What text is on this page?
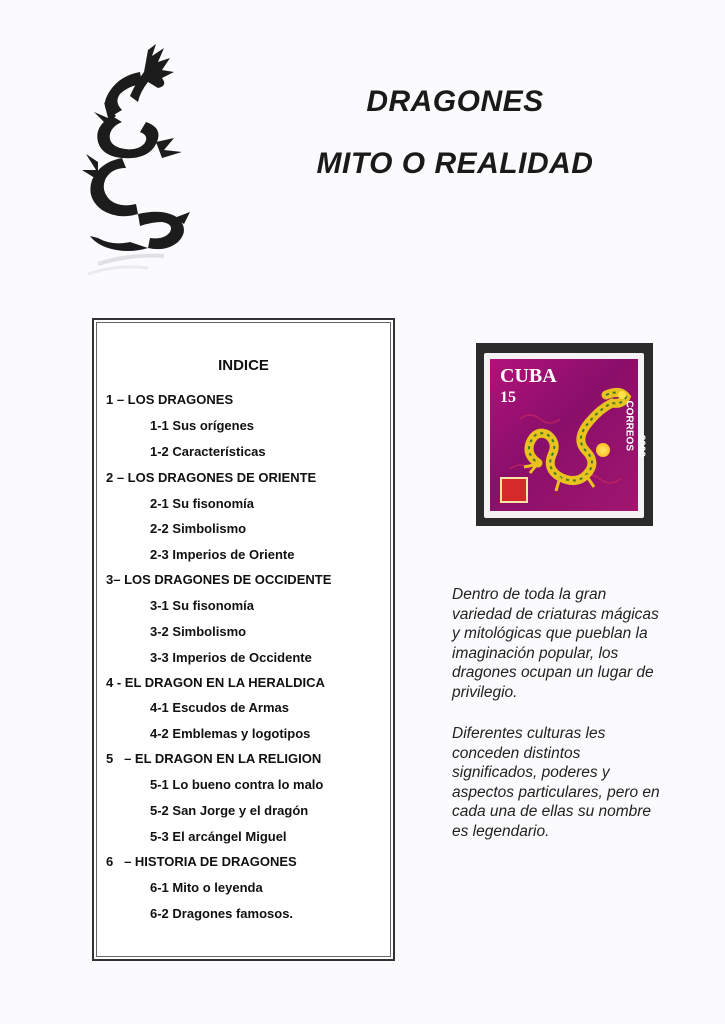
DRAGONES
MITO O REALIDAD
INDICE
1 – LOS DRAGONES
1-1 Sus orígenes
1-2 Características
2 – LOS DRAGONES DE ORIENTE
2-1 Su fisonomía
2-2 Simbolismo
2-3 Imperios de Oriente
3– LOS DRAGONES DE OCCIDENTE
3-1 Su fisonomía
3-2 Simbolismo
3-3 Imperios de Occidente
4 - EL DRAGON EN LA HERALDICA
4-1 Escudos de Armas
4-2 Emblemas y logotipos
5   – EL DRAGON EN LA RELIGION
5-1 Lo bueno contra lo malo
5-2 San Jorge y el dragón
5-3 El arcángel Miguel
6   – HISTORIA DE DRAGONES
6-1 Mito o leyenda
6-2 Dragones famosos.
CUBA
15
CORREOS 2000
Dentro de toda la gran
variedad de criaturas mágicas
y mitológicas que pueblan la
imaginación popular, los
dragones ocupan un lugar de
privilegio.
Diferentes culturas les
conceden distintos
significados, poderes y
aspectos particulares, pero en
cada una de ellas su nombre
es legendario.
